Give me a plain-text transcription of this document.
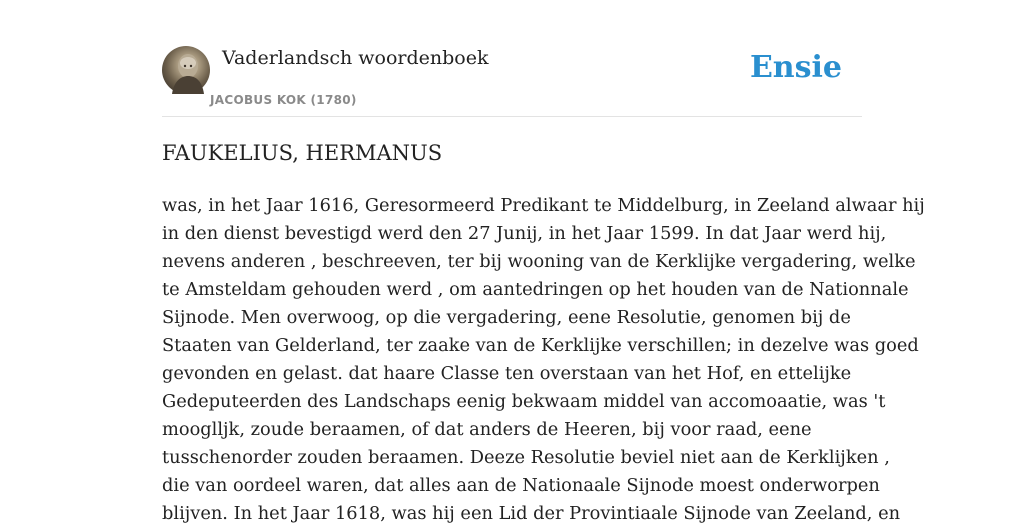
Vaderlandsch woordenboek
JACOBUS KOK (1780)
Ensie
FAUKELIUS, HERMANUS
was, in het Jaar 1616, Geresormeerd Predikant te Middelburg, in Zeeland alwaar hij
in den dienst bevestigd werd den 27 Junij, in het Jaar 1599. In dat Jaar werd hij,
nevens anderen , beschreeven, ter bij wooning van de Kerklijke vergadering, welke
te Amsteldam gehouden werd , om aantedringen op het houden van de Nationnale
Sijnode. Men overwoog, op die vergadering, eene Resolutie, genomen bij de
Staaten van Gelderland, ter zaake van de Kerklijke verschillen; in dezelve was goed
gevonden en gelast. dat haare Classe ten overstaan van het Hof, en ettelijke
Gedeputeerden des Landschaps eenig bekwaam middel van accomoaatie, was 't
mooglljk, zoude beraamen, of dat anders de Heeren, bij voor raad, eene
tusschenorder zouden beraamen. Deeze Resolutie beviel niet aan de Kerklijken ,
die van oordeel waren, dat alles aan de Nationaale Sijnode moest onderworpen
blijven. In het Jaar 1618, was hij een Lid der Provintiaale Sijnode van Zeeland, en
